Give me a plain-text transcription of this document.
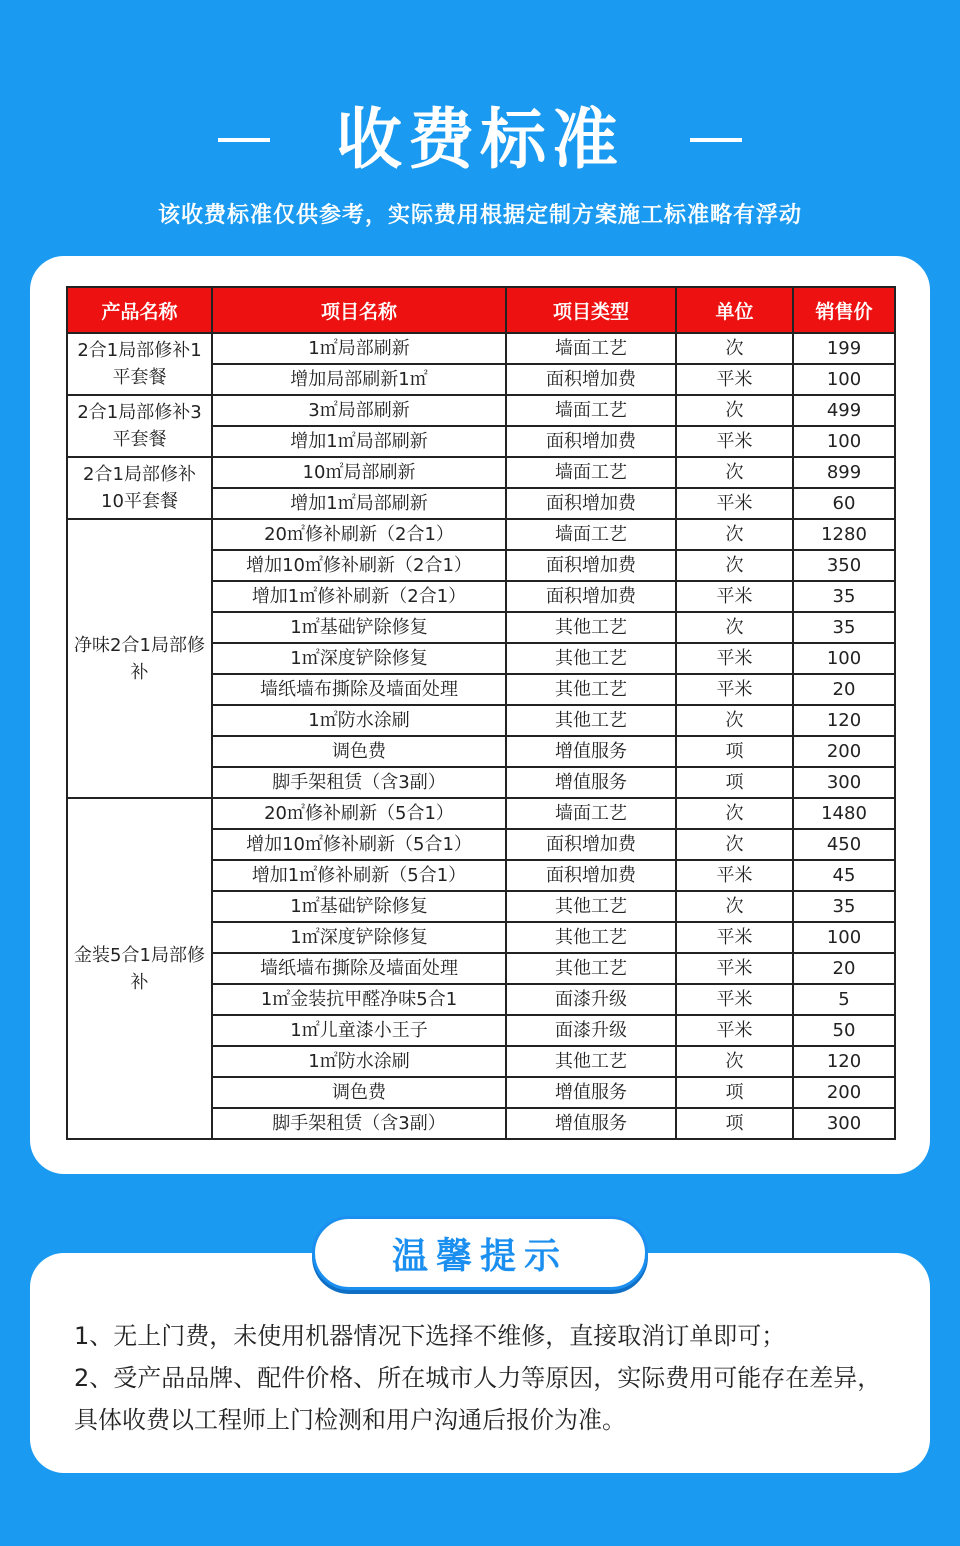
收费标准
该收费标准仅供参考，实际费用根据定制方案施工标准略有浮动
产品名称	项目名称	项目类型	单位	销售价
2合1局部修补1平套餐	1㎡局部刷新	墙面工艺	次	199
	增加局部刷新1㎡	面积增加费	平米	100
2合1局部修补3平套餐	3㎡局部刷新	墙面工艺	次	499
	增加1㎡局部刷新	面积增加费	平米	100
2合1局部修补10平套餐	10㎡局部刷新	墙面工艺	次	899
	增加1㎡局部刷新	面积增加费	平米	60
净味2合1局部修补	20㎡修补刷新（2合1）	墙面工艺	次	1280
	增加10㎡修补刷新（2合1）	面积增加费	次	350
	增加1㎡修补刷新（2合1）	面积增加费	平米	35
	1㎡基础铲除修复	其他工艺	次	35
	1㎡深度铲除修复	其他工艺	平米	100
	墙纸墙布撕除及墙面处理	其他工艺	平米	20
	1㎡防水涂刷	其他工艺	次	120
	调色费	增值服务	项	200
	脚手架租赁（含3副）	增值服务	项	300
金装5合1局部修补	20㎡修补刷新（5合1）	墙面工艺	次	1480
	增加10㎡修补刷新（5合1）	面积增加费	次	450
	增加1㎡修补刷新（5合1）	面积增加费	平米	45
	1㎡基础铲除修复	其他工艺	次	35
	1㎡深度铲除修复	其他工艺	平米	100
	墙纸墙布撕除及墙面处理	其他工艺	平米	20
	1㎡金装抗甲醛净味5合1	面漆升级	平米	5
	1㎡儿童漆小王子	面漆升级	平米	50
	1㎡防水涂刷	其他工艺	次	120
	调色费	增值服务	项	200
	脚手架租赁（含3副）	增值服务	项	300

1、无上门费，未使用机器情况下选择不维修，直接取消订单即可；

2、受产品品牌、配件价格、所在城市人力等原因，实际费用可能存在差异，具体收费以工程师上门检测和用户沟通后报价为准。

温馨提示
